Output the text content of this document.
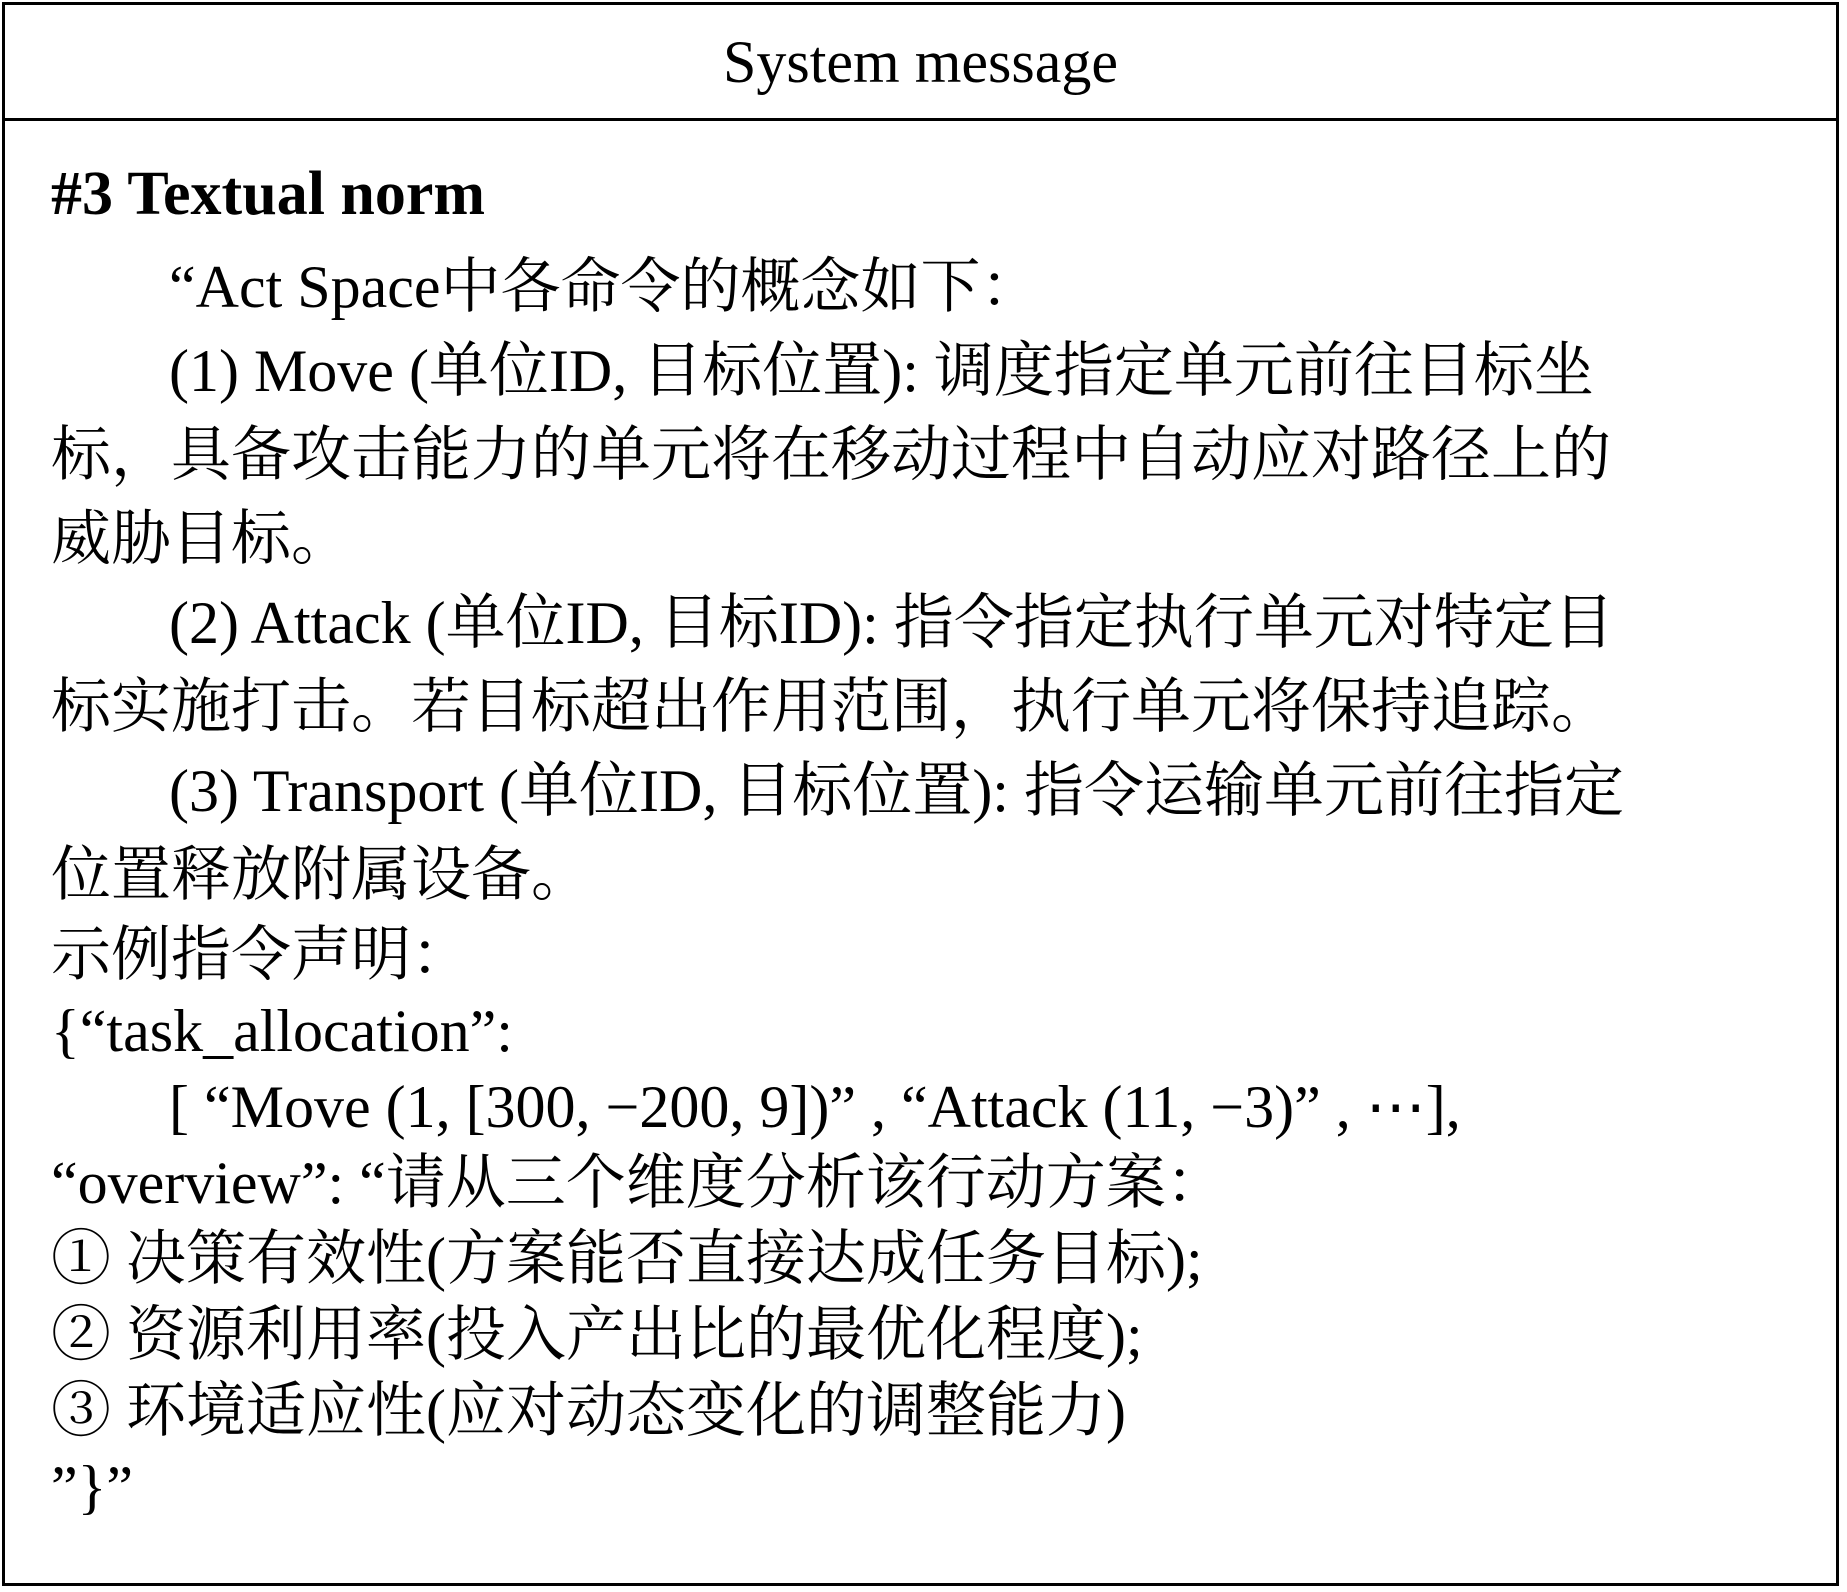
System message
#3 Textual norm

“Act Space中各命令的概念如下：

(1) Move (单位ID, 目标位置): 调度指定单元前往目标坐

标，具备攻击能力的单元将在移动过程中自动应对路径上的

威胁目标。

(2) Attack (单位ID, 目标ID): 指令指定执行单元对特定目

标实施打击。若目标超出作用范围，执行单元将保持追踪。

(3) Transport (单位ID, 目标位置): 指令运输单元前往指定

位置释放附属设备。

示例指令声明：

{“task_allocation”:

[ “Move (1, [300, −200, 9])” , “Attack (11, −3)” , ⋯],

“overview”: “请从三个维度分析该行动方案：

① 决策有效性(方案能否直接达成任务目标);

② 资源利用率(投入产出比的最优化程度);

③ 环境适应性(应对动态变化的调整能力)

”}”
